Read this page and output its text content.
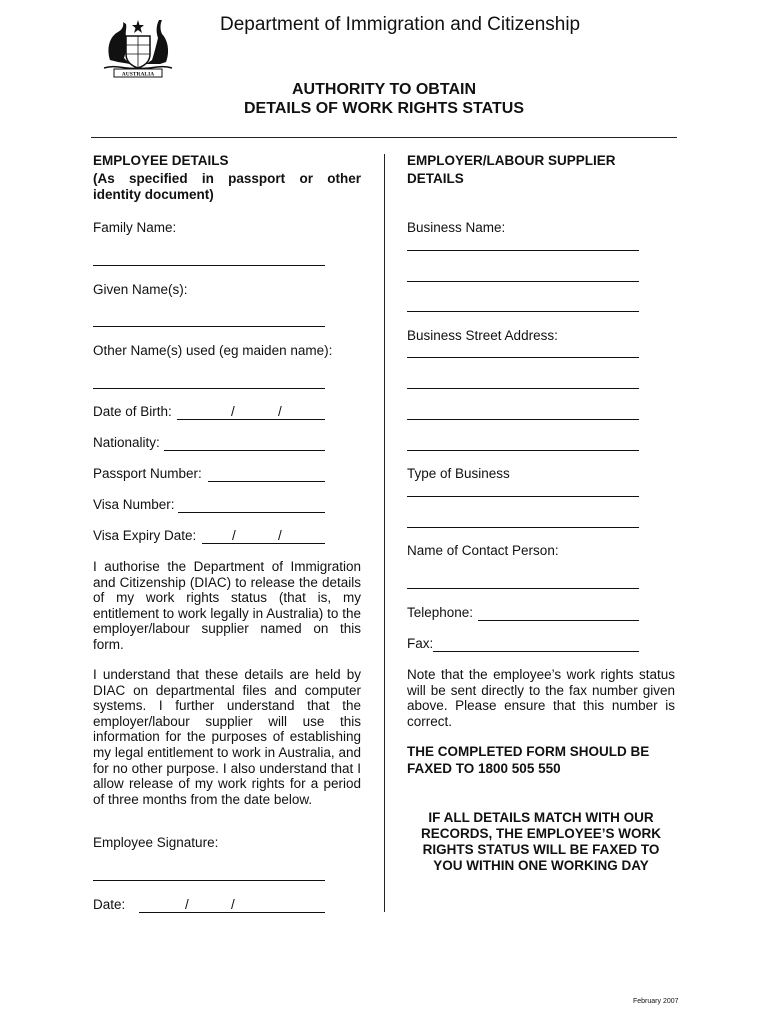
AUSTRALIA
Department of Immigration and Citizenship
AUTHORITY TO OBTAIN
DETAILS OF WORK RIGHTS STATUS
EMPLOYEE DETAILS
(As specified in passport or other
identity document)
Family Name:
Given Name(s):
Other Name(s) used (eg maiden name):
Date of Birth:	/	/
Nationality:
Passport Number:
Visa Number:
Visa Expiry Date:	/	/
I authorise the Department of Immigration and Citizenship (DIAC) to release the details of my work rights status (that is, my entitlement to work legally in Australia) to the employer/labour supplier named on this form.
I understand that these details are held by DIAC on departmental files and computer systems. I further understand that the employer/labour supplier will use this information for the purposes of establishing my legal entitlement to work in Australia, and for no other purpose. I also understand that I allow release of my work rights for a period of three months from the date below.
Employee Signature:
Date:	/	/
EMPLOYER/LABOUR SUPPLIER
DETAILS
Business Name:
Business Street Address:
Type of Business
Name of Contact Person:
Telephone:
Fax:
Note that the employee’s work rights status will be sent directly to the fax number given above. Please ensure that this number is correct.
THE COMPLETED FORM SHOULD BE
FAXED TO 1800 505 550
IF ALL DETAILS MATCH WITH OUR
RECORDS, THE EMPLOYEE’S WORK
RIGHTS STATUS WILL BE FAXED TO
YOU WITHIN ONE WORKING DAY
February 2007
